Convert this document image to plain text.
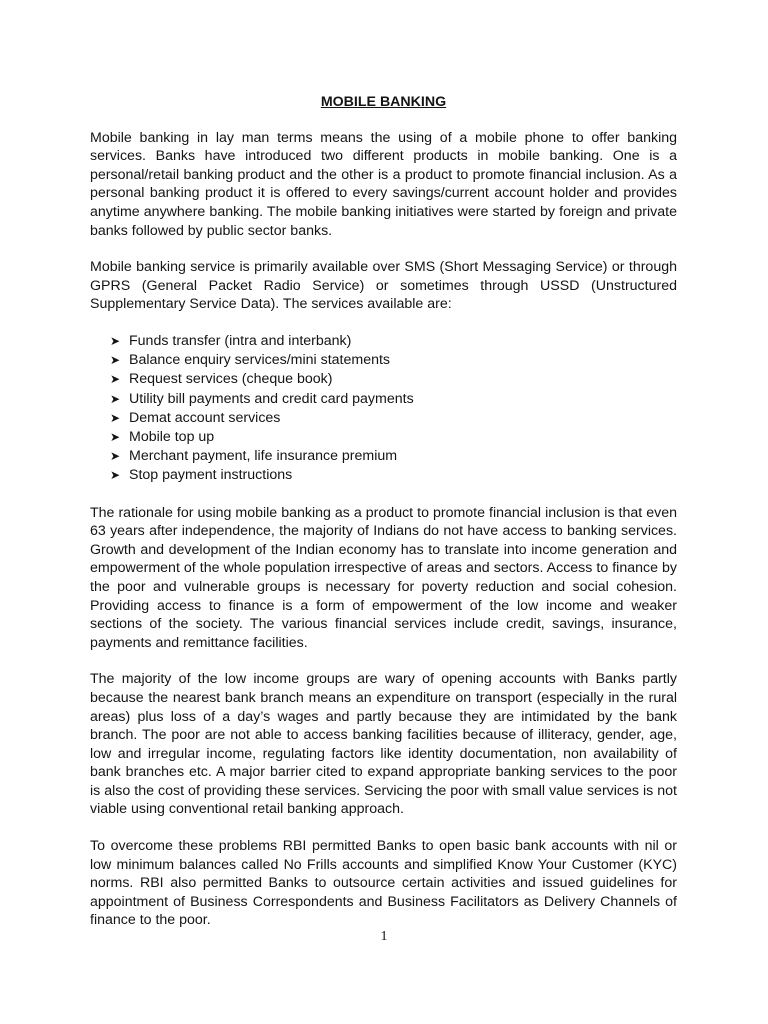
MOBILE BANKING

Mobile banking in lay man terms means the using of a mobile phone to offer banking services. Banks have introduced two different products in mobile banking. One is a personal/retail banking product and the other is a product to promote financial inclusion. As a personal banking product it is offered to every savings/current account holder and provides anytime anywhere banking. The mobile banking initiatives were started by foreign and private banks followed by public sector banks.

Mobile banking service is primarily available over SMS (Short Messaging Service) or through GPRS (General Packet Radio Service) or sometimes through USSD (Unstructured Supplementary Service Data). The services available are:

➤ Funds transfer (intra and interbank)
➤ Balance enquiry services/mini statements
➤ Request services (cheque book)
➤ Utility bill payments and credit card payments
➤ Demat account services
➤ Mobile top up
➤ Merchant payment, life insurance premium
➤ Stop payment instructions

The rationale for using mobile banking as a product to promote financial inclusion is that even 63 years after independence, the majority of Indians do not have access to banking services. Growth and development of the Indian economy has to translate into income generation and empowerment of the whole population irrespective of areas and sectors. Access to finance by the poor and vulnerable groups is necessary for poverty reduction and social cohesion. Providing access to finance is a form of empowerment of the low income and weaker sections of the society. The various financial services include credit, savings, insurance, payments and remittance facilities.

The majority of the low income groups are wary of opening accounts with Banks partly because the nearest bank branch means an expenditure on transport (especially in the rural areas) plus loss of a day’s wages and partly because they are intimidated by the bank branch. The poor are not able to access banking facilities because of illiteracy, gender, age, low and irregular income, regulating factors like identity documentation, non availability of bank branches etc. A major barrier cited to expand appropriate banking services to the poor is also the cost of providing these services. Servicing the poor with small value services is not viable using conventional retail banking approach.

To overcome these problems RBI permitted Banks to open basic bank accounts with nil or low minimum balances called No Frills accounts and simplified Know Your Customer (KYC) norms. RBI also permitted Banks to outsource certain activities and issued guidelines for appointment of Business Correspondents and Business Facilitators as Delivery Channels of finance to the poor.

1
